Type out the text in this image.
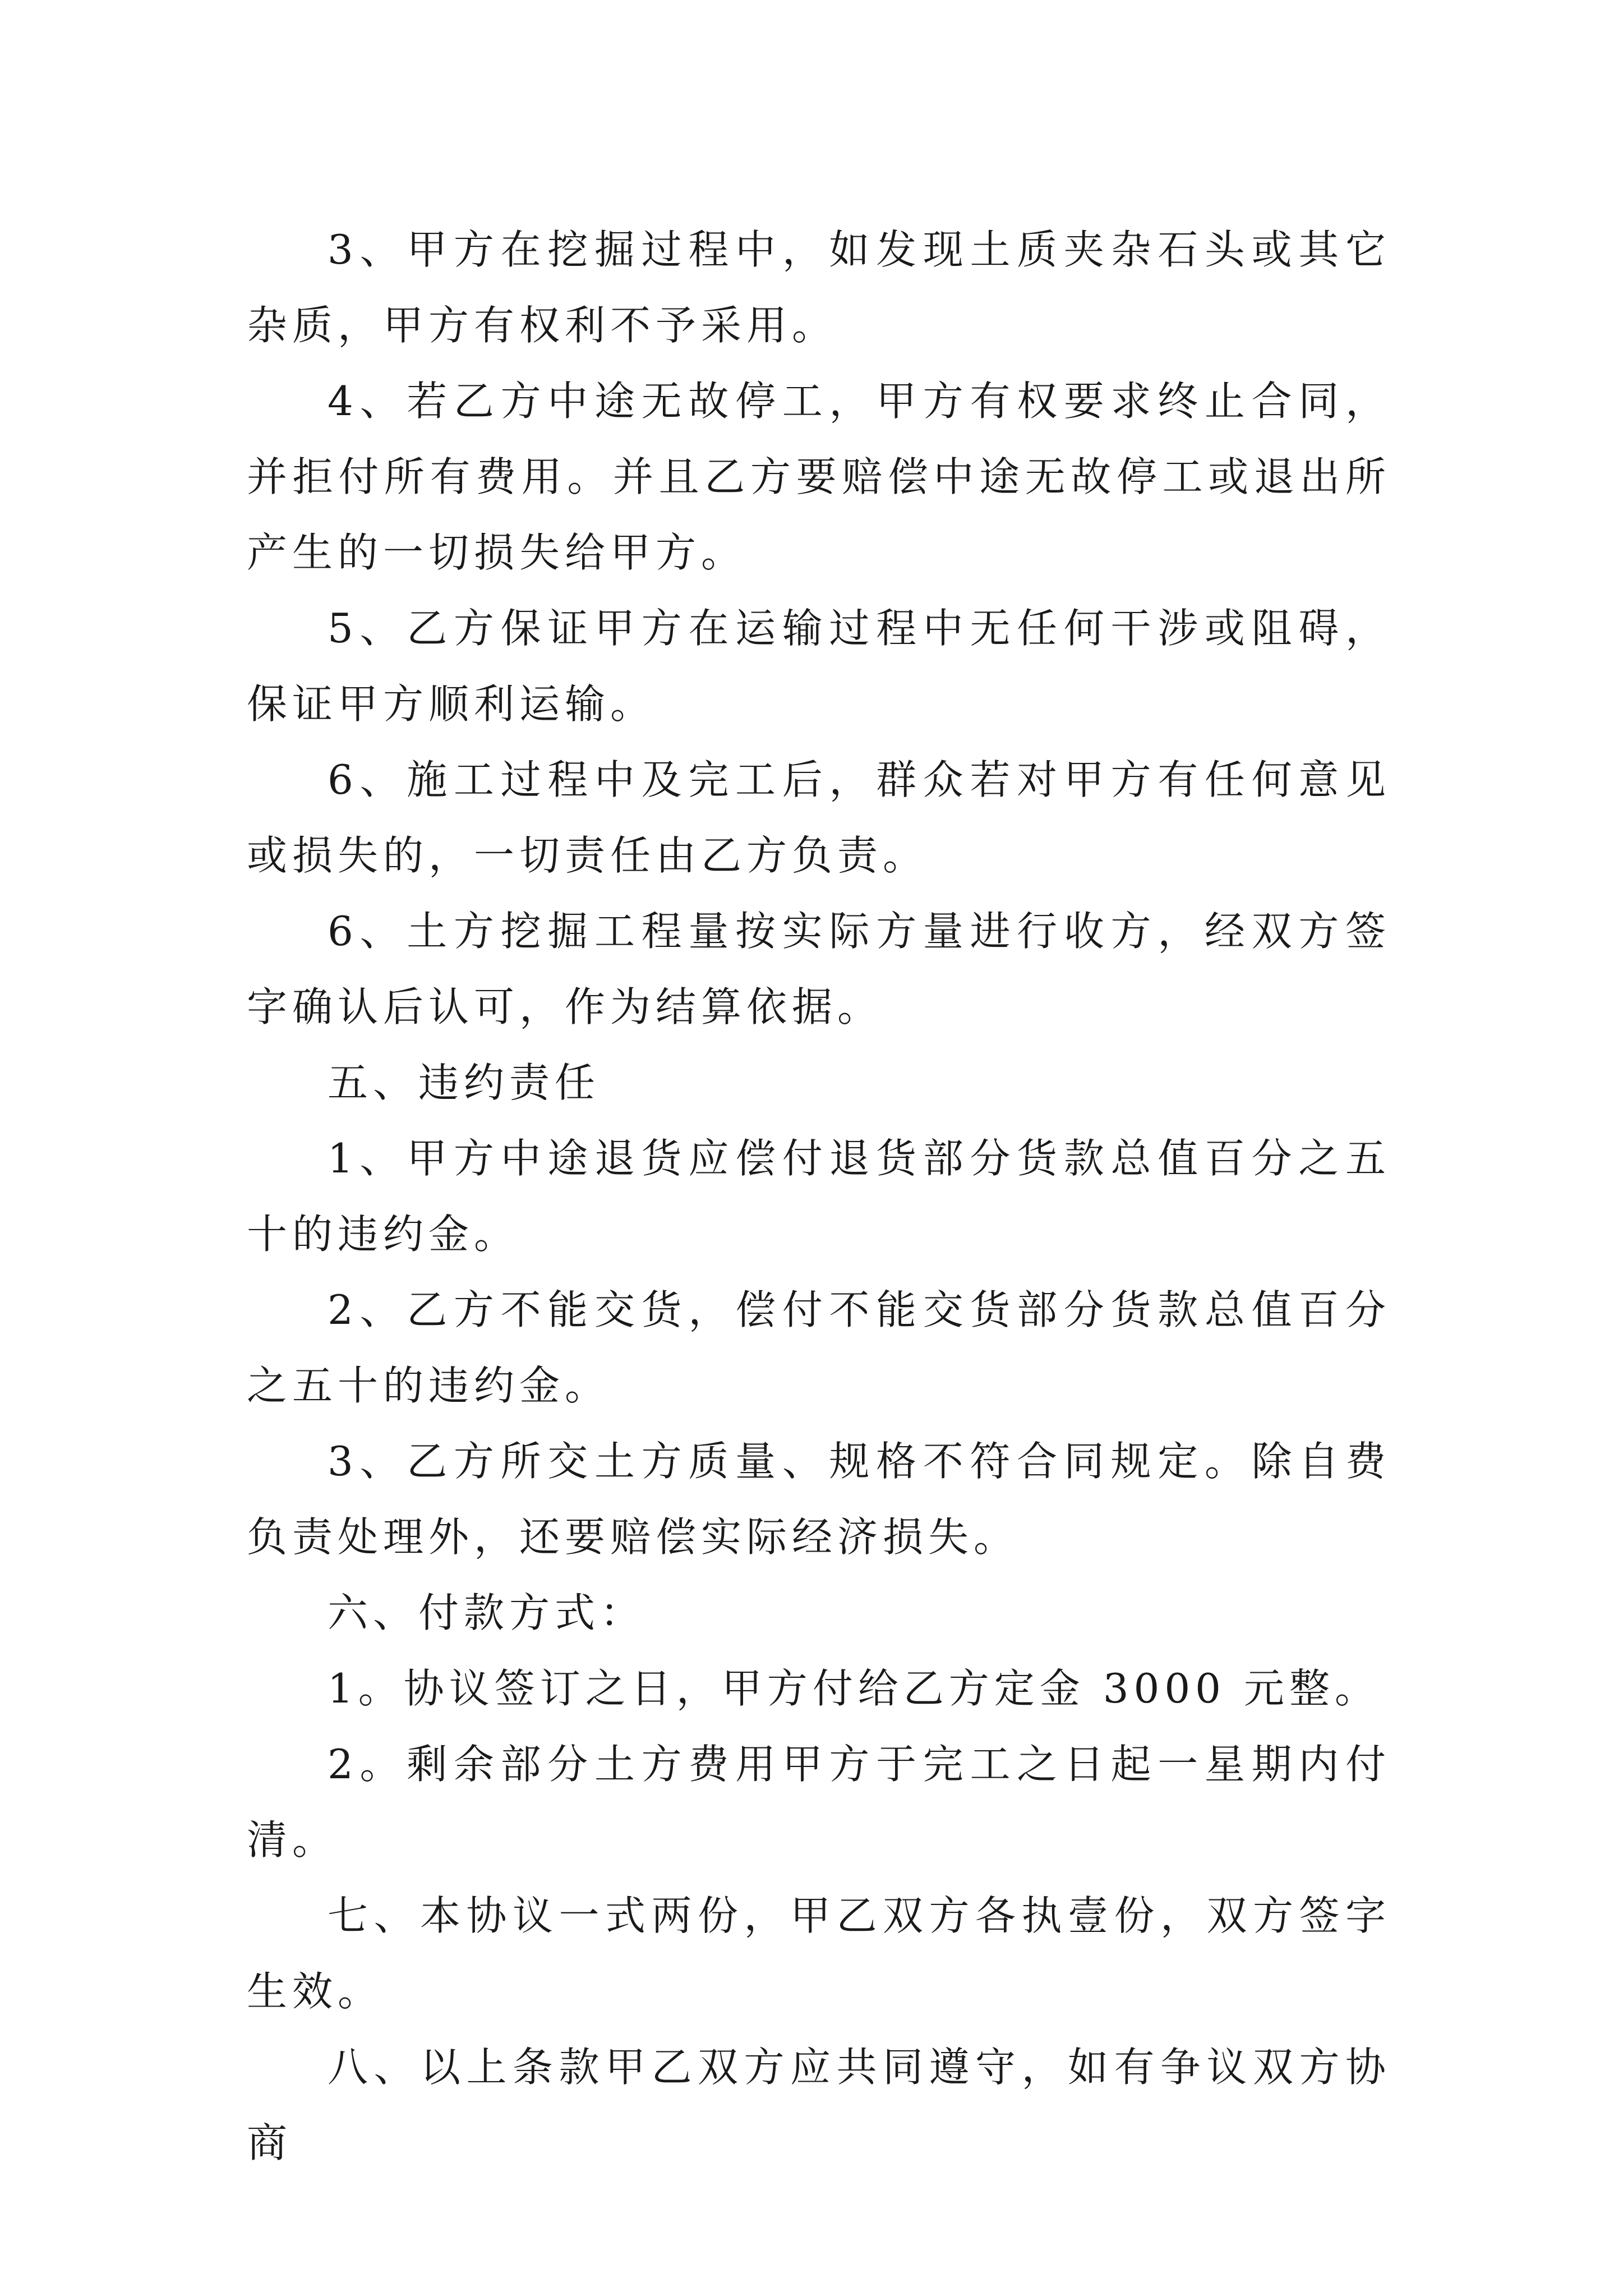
3、甲方在挖掘过程中，如发现土质夹杂石头或其它杂质，甲方有权利不予采用。

4、若乙方中途无故停工，甲方有权要求终止合同，并拒付所有费用。并且乙方要赔偿中途无故停工或退出所产生的一切损失给甲方。

5、乙方保证甲方在运输过程中无任何干涉或阻碍，保证甲方顺利运输。

6、施工过程中及完工后，群众若对甲方有任何意见或损失的，一切责任由乙方负责。

6、土方挖掘工程量按实际方量进行收方，经双方签字确认后认可，作为结算依据。

五、违约责任

1、甲方中途退货应偿付退货部分货款总值百分之五十的违约金。

2、乙方不能交货，偿付不能交货部分货款总值百分之五十的违约金。

3、乙方所交土方质量、规格不符合同规定。除自费负责处理外，还要赔偿实际经济损失。

六、付款方式：

1。协议签订之日，甲方付给乙方定金 3000 元整。

2。剩余部分土方费用甲方于完工之日起一星期内付清。

七、本协议一式两份，甲乙双方各执壹份，双方签字生效。

八、以上条款甲乙双方应共同遵守，如有争议双方协商
